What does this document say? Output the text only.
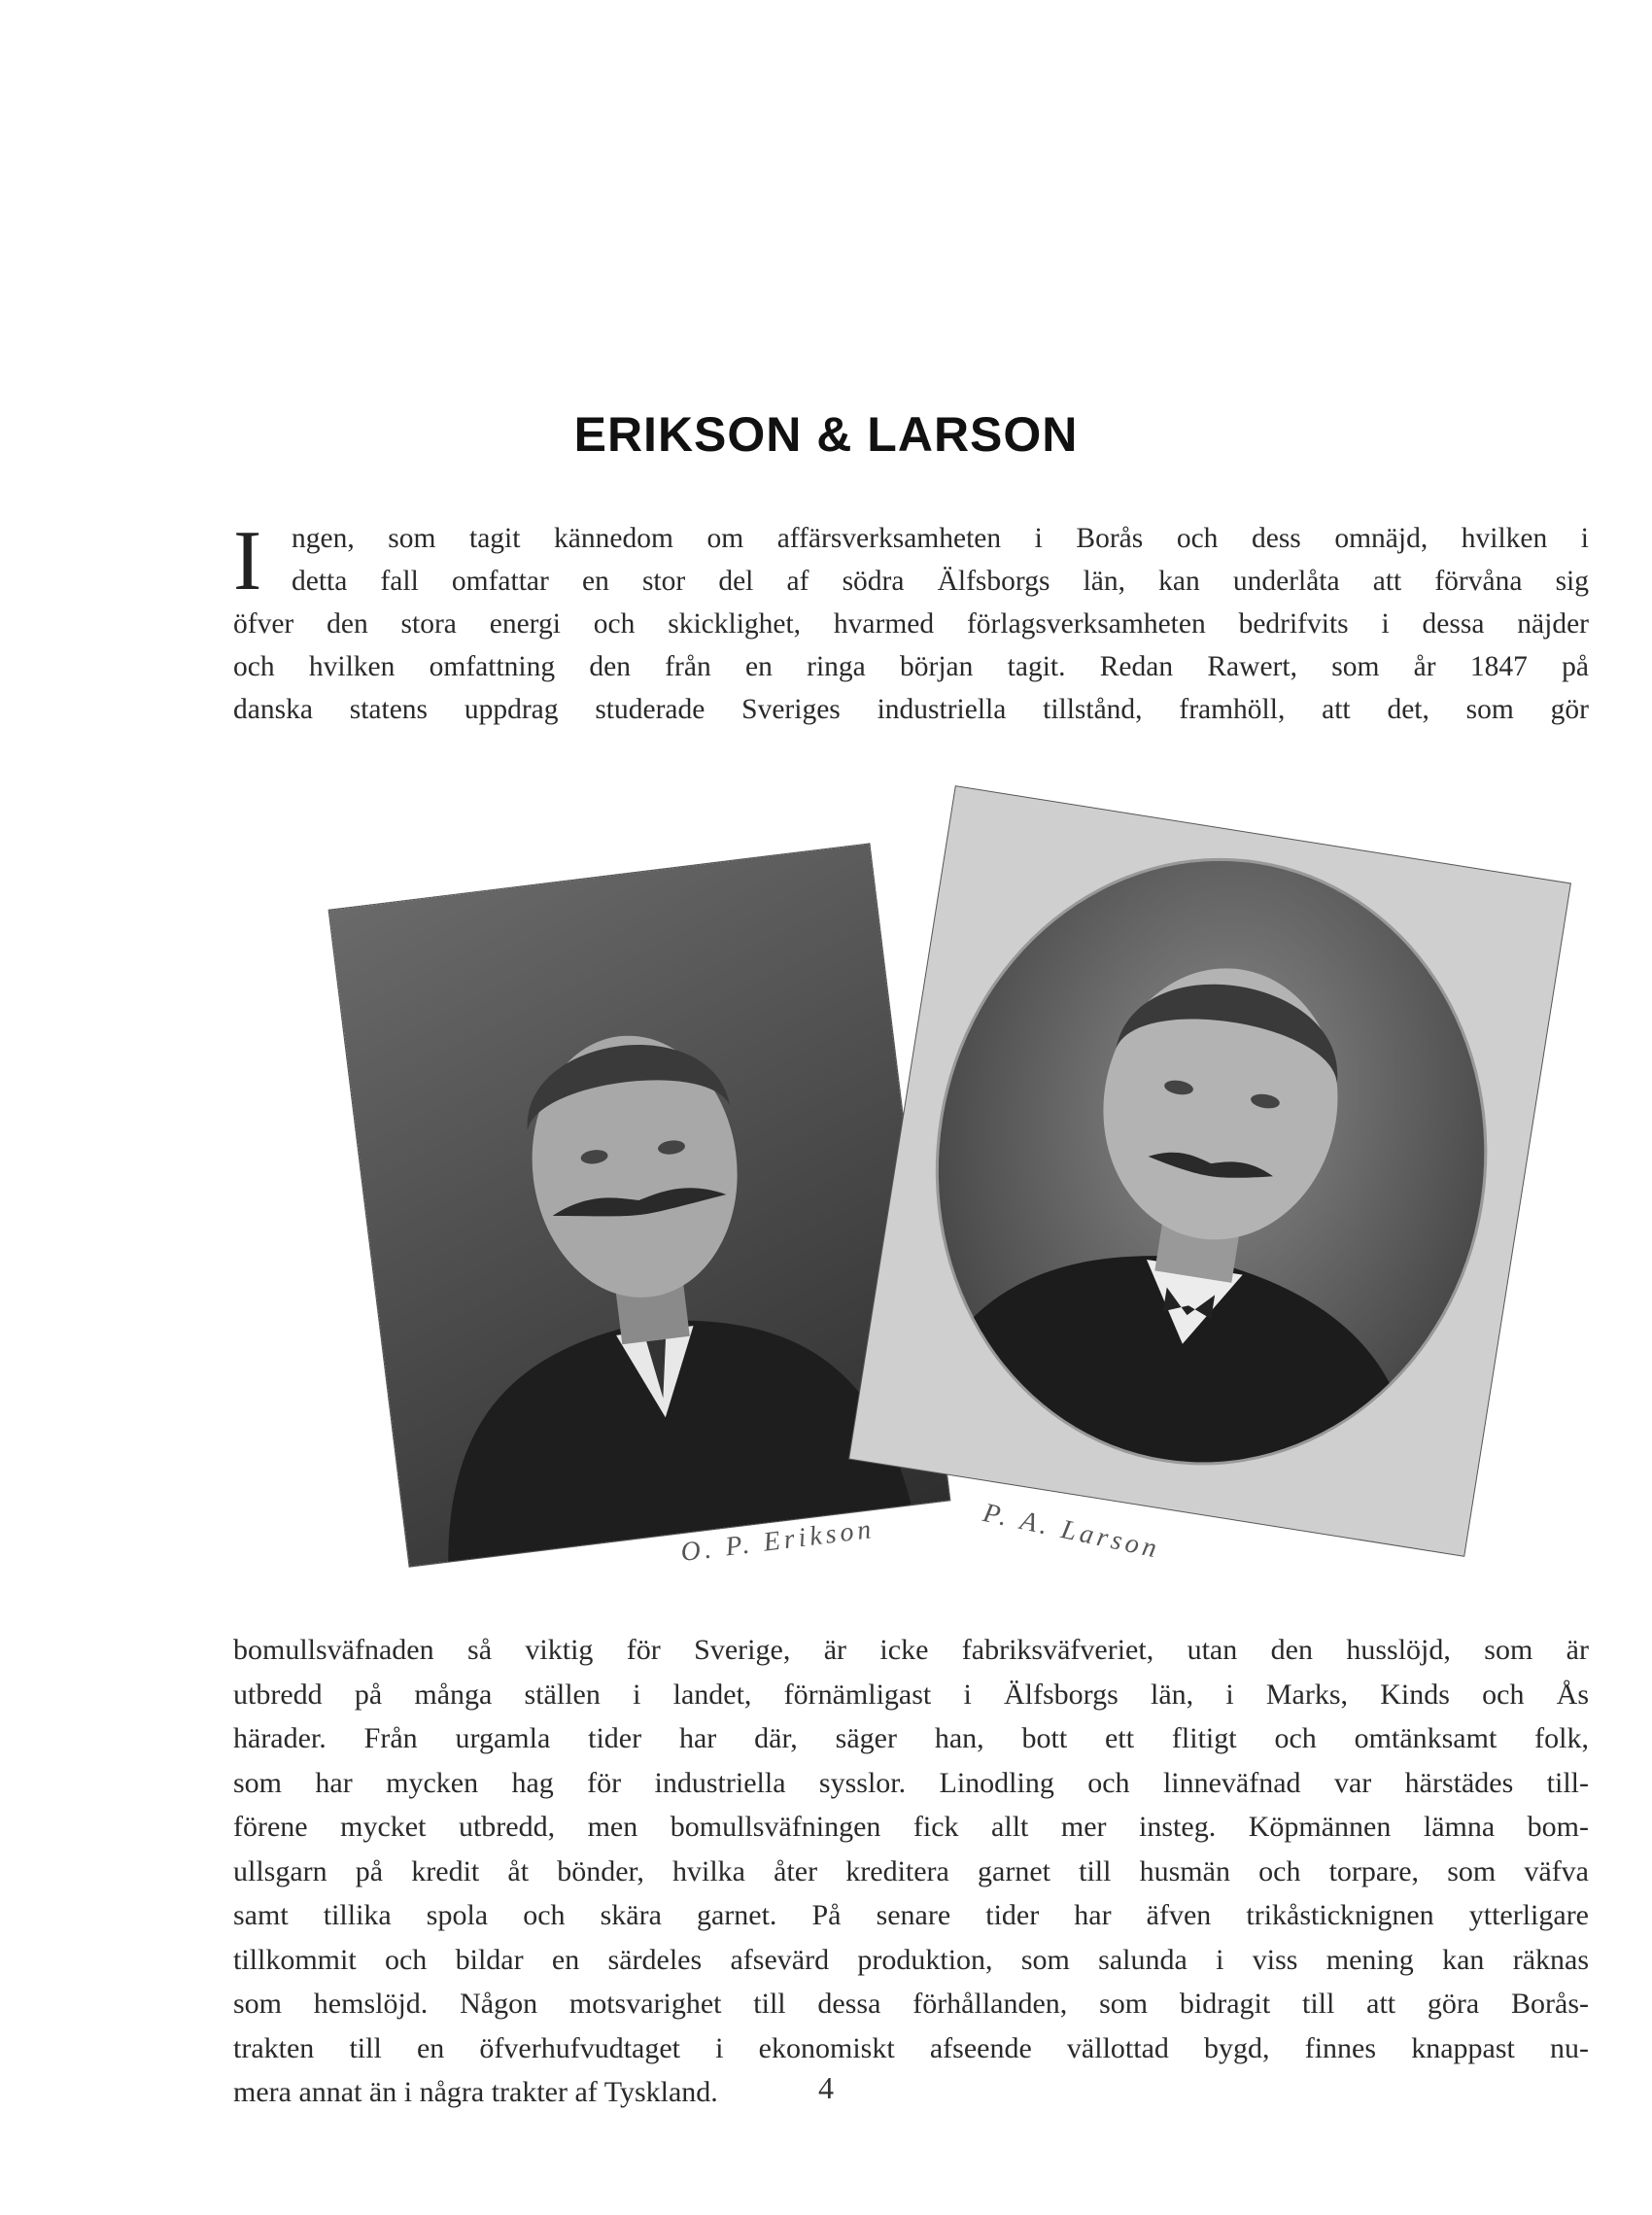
ERIKSON & LARSON
I	ngen, som tagit kännedom om affärsverksamheten i Borås och dess omnäjd, hvilken i
detta fall omfattar en stor del af södra Älfsborgs län, kan underlåta att förvåna sig
öfver den stora energi och skicklighet, hvarmed förlagsverksamheten bedrifvits i dessa näjder
och hvilken omfattning den från en ringa början tagit. Redan Rawert, som år 1847 på
danska statens uppdrag studerade Sveriges industriella tillstånd, framhöll, att det, som gör
O. P. Erikson	P. A. Larson
bomullsväfnaden så viktig för Sverige, är icke fabriksväfveriet, utan den husslöjd, som är
utbredd på många ställen i landet, förnämligast i Älfsborgs län, i Marks, Kinds och Ås
härader. Från urgamla tider har där, säger han, bott ett flitigt och omtänksamt folk,
som har mycken hag för industriella sysslor. Linodling och linneväfnad var härstädes till-
förene mycket utbredd, men bomullsväfningen fick allt mer insteg. Köpmännen lämna bom-
ullsgarn på kredit åt bönder, hvilka åter kreditera garnet till husmän och torpare, som väfva
samt tillika spola och skära garnet. På senare tider har äfven trikåsticknignen ytterligare
tillkommit och bildar en särdeles afsevärd produktion, som salunda i viss mening kan räknas
som hemslöjd. Någon motsvarighet till dessa förhållanden, som bidragit till att göra Borås-
trakten till en öfverhufvudtaget i ekonomiskt afseende vällottad bygd, finnes knappast nu-
mera annat än i några trakter af Tyskland.	4
